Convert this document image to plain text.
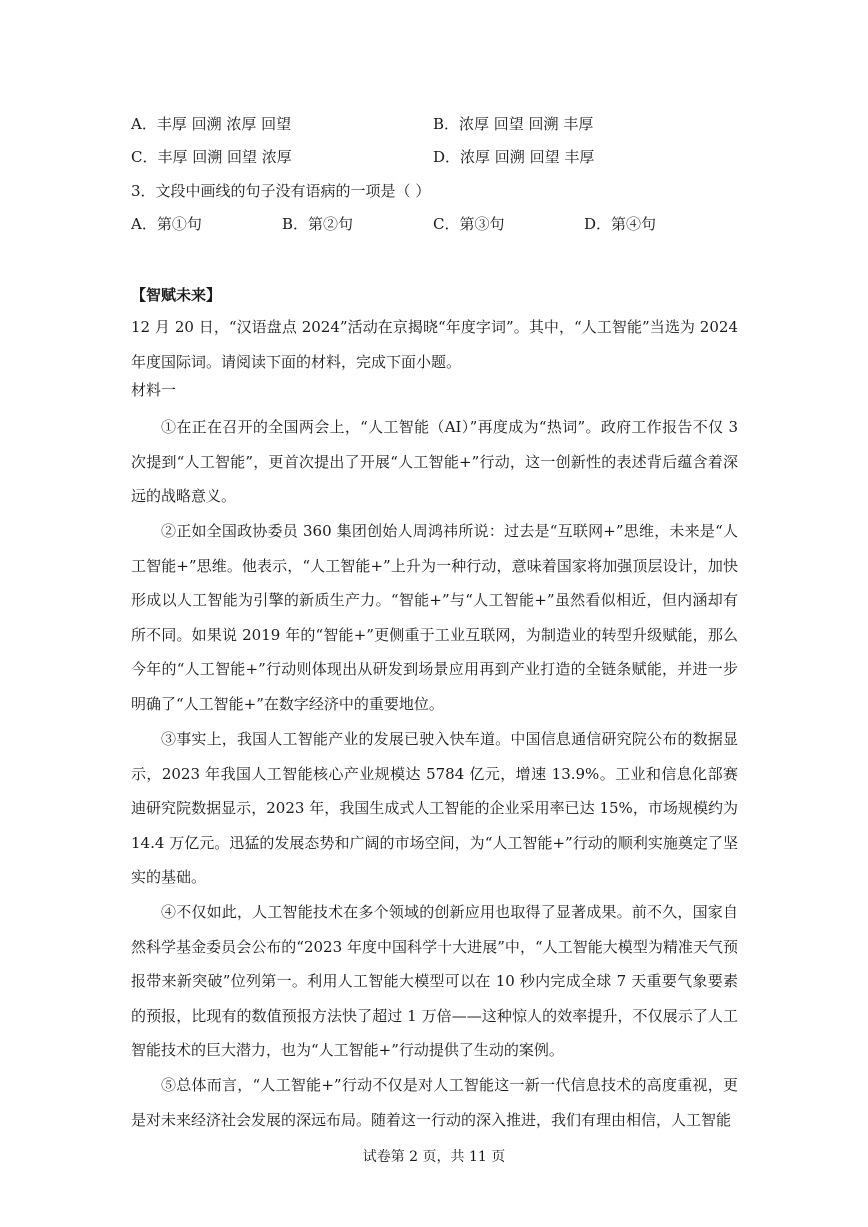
A．丰厚 回溯 浓厚 回望	B．浓厚 回望 回溯 丰厚
C．丰厚 回溯 回望 浓厚	D．浓厚 回溯 回望 丰厚
3．文段中画线的句子没有语病的一项是（ ）
A．第①句	B．第②句	C．第③句	D．第④句
【智赋未来】

12 月 20 日，“汉语盘点 2024”活动在京揭晓“年度字词”。其中，“人工智能”当选为 2024 年度国际词。请阅读下面的材料，完成下面小题。

材料一

①在正在召开的全国两会上，“人工智能（AI）”再度成为“热词”。政府工作报告不仅 3 次提到“人工智能”，更首次提出了开展“人工智能+”行动，这一创新性的表述背后蕴含着深远的战略意义。

②正如全国政协委员 360 集团创始人周鸿祎所说：过去是“互联网+”思维，未来是“人工智能+”思维。他表示，“人工智能+”上升为一种行动，意味着国家将加强顶层设计，加快形成以人工智能为引擎的新质生产力。“智能+”与“人工智能+”虽然看似相近，但内涵却有所不同。如果说 2019 年的“智能+”更侧重于工业互联网，为制造业的转型升级赋能，那么今年的“人工智能+”行动则体现出从研发到场景应用再到产业打造的全链条赋能，并进一步明确了“人工智能+”在数字经济中的重要地位。

③事实上，我国人工智能产业的发展已驶入快车道。中国信息通信研究院公布的数据显示，2023 年我国人工智能核心产业规模达 5784 亿元，增速 13.9%。工业和信息化部赛迪研究院数据显示，2023 年，我国生成式人工智能的企业采用率已达 15%，市场规模约为 14.4 万亿元。迅猛的发展态势和广阔的市场空间，为“人工智能+”行动的顺利实施奠定了坚实的基础。

④不仅如此，人工智能技术在多个领域的创新应用也取得了显著成果。前不久，国家自然科学基金委员会公布的“2023 年度中国科学十大进展”中，“人工智能大模型为精准天气预报带来新突破”位列第一。利用人工智能大模型可以在 10 秒内完成全球 7 天重要气象要素的预报，比现有的数值预报方法快了超过 1 万倍——这种惊人的效率提升，不仅展示了人工智能技术的巨大潜力，也为“人工智能+”行动提供了生动的案例。

⑤总体而言，“人工智能+”行动不仅是对人工智能这一新一代信息技术的高度重视，更是对未来经济社会发展的深远布局。随着这一行动的深入推进，我们有理由相信，人工智能

试卷第 2 页，共 11 页
